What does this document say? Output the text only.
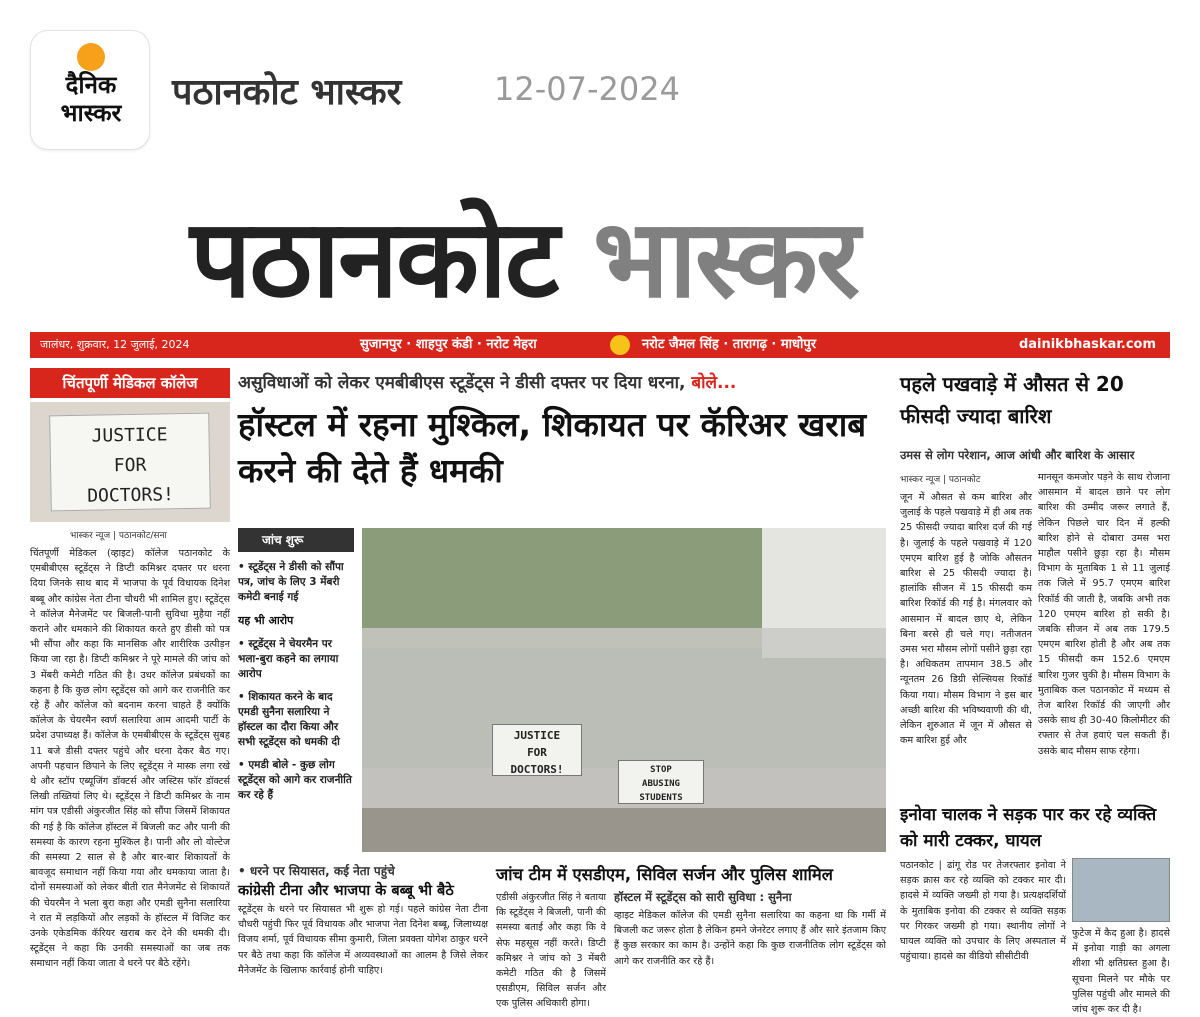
दैनिक
भास्कर	पठानकोट भास्कर	12-07-2024
पठानकोट भास्कर
जालंधर, शुक्रवार, 12 जुलाई, 2024	सुजानपुर · शाहपुर कंडी · नरोट मेहरा	नरोट जैमल सिंह · तारागढ़ · माधोपुर	dainikbhaskar.com
चिंतपूर्णी मेडिकल कॉलेज
JUSTICE
FOR
DOCTORS!
भास्कर न्यूज | पठानकोट/सना
चिंतपूर्णी मेडिकल (व्हाइट) कॉलेज पठानकोट के एमबीबीएस स्टूडेंट्स ने डिप्टी कमिश्नर दफ्तर पर धरना दिया जिनके साथ बाद में भाजपा के पूर्व विधायक दिनेश बब्बू और कांग्रेस नेता टीना चौधरी भी शामिल हुए। स्टूडेंट्स ने कॉलेज मैनेजमेंट पर बिजली-पानी सुविधा मुहैया नहीं कराने और धमकाने की शिकायत करते हुए डीसी को पत्र भी सौंपा और कहा कि मानसिक और शारीरिक उत्पीड़न किया जा रहा है। डिप्टी कमिश्नर ने पूरे मामले की जांच को 3 मेंबरी कमेटी गठित की है। उधर कॉलेज प्रबंधकों का कहना है कि कुछ लोग स्टूडेंट्स को आगे कर राजनीति कर रहे हैं और कॉलेज को बदनाम करना चाहते हैं क्योंकि कॉलेज के चेयरमैन स्वर्ण सलारिया आम आदमी पार्टी के प्रदेश उपाध्यक्ष हैं। कॉलेज के एमबीबीएस के स्टूडेंट्स सुबह 11 बजे डीसी दफ्तर पहुंचे और धरना देकर बैठ गए। अपनी पहचान छिपाने के लिए स्टूडेंट्स ने मास्क लगा रखे थे और स्टॉप एब्यूजिंग डॉक्टर्स और जस्टिस फॉर डॉक्टर्स लिखी तख्तियां लिए थे। स्टूडेंट्स ने डिप्टी कमिश्नर के नाम मांग पत्र एडीसी अंकुरजीत सिंह को सौंपा जिसमें शिकायत की गई है कि कॉलेज हॉस्टल में बिजली कट और पानी की समस्या के कारण रहना मुश्किल है। पानी और लो वोल्टेज की समस्या 2 साल से है और बार-बार शिकायतों के बावजूद समाधान नहीं किया गया और धमकाया जाता है। दोनों समस्याओं को लेकर बीती रात मैनेजमेंट से शिकायतें की चेयरमैन ने भला बुरा कहा और एमडी सुनैना सलारिया ने रात में लड़कियों और लड़कों के हॉस्टल में विजिट कर उनके एकेडमिक कॅरियर खराब कर देने की धमकी दी। स्टूडेंट्स ने कहा कि उनकी समस्याओं का जब तक समाधान नहीं किया जाता वे धरने पर बैठे रहेंगे।
असुविधाओं को लेकर एमबीबीएस स्टूडेंट्स ने डीसी दफ्तर पर दिया धरना, बोले...
हॉस्टल में रहना मुश्किल, शिकायत पर कॅरिअर खराब करने की देते हैं धमकी
जांच शुरू
• स्टूडेंट्स ने डीसी को सौंपा पत्र, जांच के लिए 3 मेंबरी कमेटी बनाई गई
यह भी आरोप
• स्टूडेंट्स ने चेयरमैन पर भला-बुरा कहने का लगाया आरोप
• शिकायत करने के बाद एमडी सुनैना सलारिया ने हॉस्टल का दौरा किया और सभी स्टूडेंट्स को धमकी दी
• एमडी बोले - कुछ लोग स्टूडेंट्स को आगे कर राजनीति कर रहे हैं
JUSTICE
FOR
DOCTORS!	STOP
ABUSING
STUDENTS
• धरने पर सियासत, कई नेता पहुंचे
कांग्रेसी टीना और भाजपा के बब्बू भी बैठे
स्टूडेंट्स के धरने पर सियासत भी शुरू हो गई। पहले कांग्रेस नेता टीना चौधरी पहुंची फिर पूर्व विधायक और भाजपा नेता दिनेश बब्बू, जिलाध्यक्ष विजय शर्मा, पूर्व विधायक सीमा कुमारी, जिला प्रवक्ता योगेश ठाकुर धरने पर बैठे तथा कहा कि कॉलेज में अव्यवस्थाओं का आलम है जिसे लेकर मैनेजमेंट के खिलाफ कार्रवाई होनी चाहिए।
जांच टीम में एसडीएम, सिविल सर्जन और पुलिस शामिल
एडीसी अंकुरजीत सिंह ने बताया कि स्टूडेंट्स ने बिजली, पानी की समस्या बताई और कहा कि वे सेफ महसूस नहीं करते। डिप्टी कमिश्नर ने जांच को 3 मेंबरी कमेटी गठित की है जिसमें एसडीएम, सिविल सर्जन और एक पुलिस अधिकारी होगा।
हॉस्टल में स्टूडेंट्स को सारी सुविधा : सुनैना
व्हाइट मेडिकल कॉलेज की एमडी सुनैना सलारिया का कहना था कि गर्मी में बिजली कट जरूर होता है लेकिन हमने जेनरेटर लगाए हैं और सारे इंतजाम किए हैं कुछ सरकार का काम है। उन्होंने कहा कि कुछ राजनीतिक लोग स्टूडेंट्स को आगे कर राजनीति कर रहे हैं।
पहले पखवाड़े में औसत से 20 फीसदी ज्यादा बारिश
उमस से लोग परेशान, आज आंधी और बारिश के आसार
भास्कर न्यूज | पठानकोट
जून में औसत से कम बारिश और जुलाई के पहले पखवाड़े में ही अब तक 25 फीसदी ज्यादा बारिश दर्ज की गई है। जुलाई के पहले पखवाड़े में 120 एमएम बारिश हुई है जोकि औसतन बारिश से 25 फीसदी ज्यादा है। हालांकि सीजन में 15 फीसदी कम बारिश रिकॉर्ड की गई है। मंगलवार को आसमान में बादल छाए थे, लेकिन बिना बरसे ही चले गए। नतीजतन उमस भरा मौसम लोगों पसीने छुड़ा रहा है। अधिकतम तापमान 38.5 और न्यूनतम 26 डिग्री सेल्सियस रिकॉर्ड किया गया। मौसम विभाग ने इस बार अच्छी बारिश की भविष्यवाणी की थी, लेकिन शुरुआत में जून में औसत से कम बारिश हुई और
मानसून कमजोर पड़ने के साथ रोजाना आसमान में बादल छाने पर लोग बारिश की उम्मीद जरूर लगाते हैं, लेकिन पिछले चार दिन में हल्की बारिश होने से दोबारा उमस भरा माहौल पसीने छुड़ा रहा है। मौसम विभाग के मुताबिक 1 से 11 जुलाई तक जिले में 95.7 एमएम बारिश रिकॉर्ड की जाती है, जबकि अभी तक 120 एमएम बारिश हो सकी है। जबकि सीजन में अब तक 179.5 एमएम बारिश होती है और अब तक 15 फीसदी कम 152.6 एमएम बारिश गुजर चुकी है। मौसम विभाग के मुताबिक कल पठानकोट में मध्यम से तेज बारिश रिकॉर्ड की जाएगी और उसके साथ ही 30-40 किलोमीटर की रफ्तार से तेज हवाएं चल सकती हैं। उसके बाद मौसम साफ रहेगा।
इनोवा चालक ने सड़क पार कर रहे व्यक्ति को मारी टक्कर, घायल
पठानकोट | ढांगू रोड पर तेजरफ्तार इनोवा ने सड़क क्रास कर रहे व्यक्ति को टक्कर मार दी। हादसे में व्यक्ति जख्मी हो गया है। प्रत्यक्षदर्शियों के मुताबिक इनोवा की टक्कर से व्यक्ति सड़क पर गिरकर जख्मी हो गया। स्थानीय लोगों ने घायल व्यक्ति को उपचार के लिए अस्पताल में पहुंचाया। हादसे का वीडियो सीसीटीवी
फुटेज में कैद हुआ है। हादसे में इनोवा गाड़ी का अगला शीशा भी क्षतिग्रस्त हुआ है। सूचना मिलने पर मौके पर पुलिस पहुंची और मामले की जांच शुरू कर दी है।
